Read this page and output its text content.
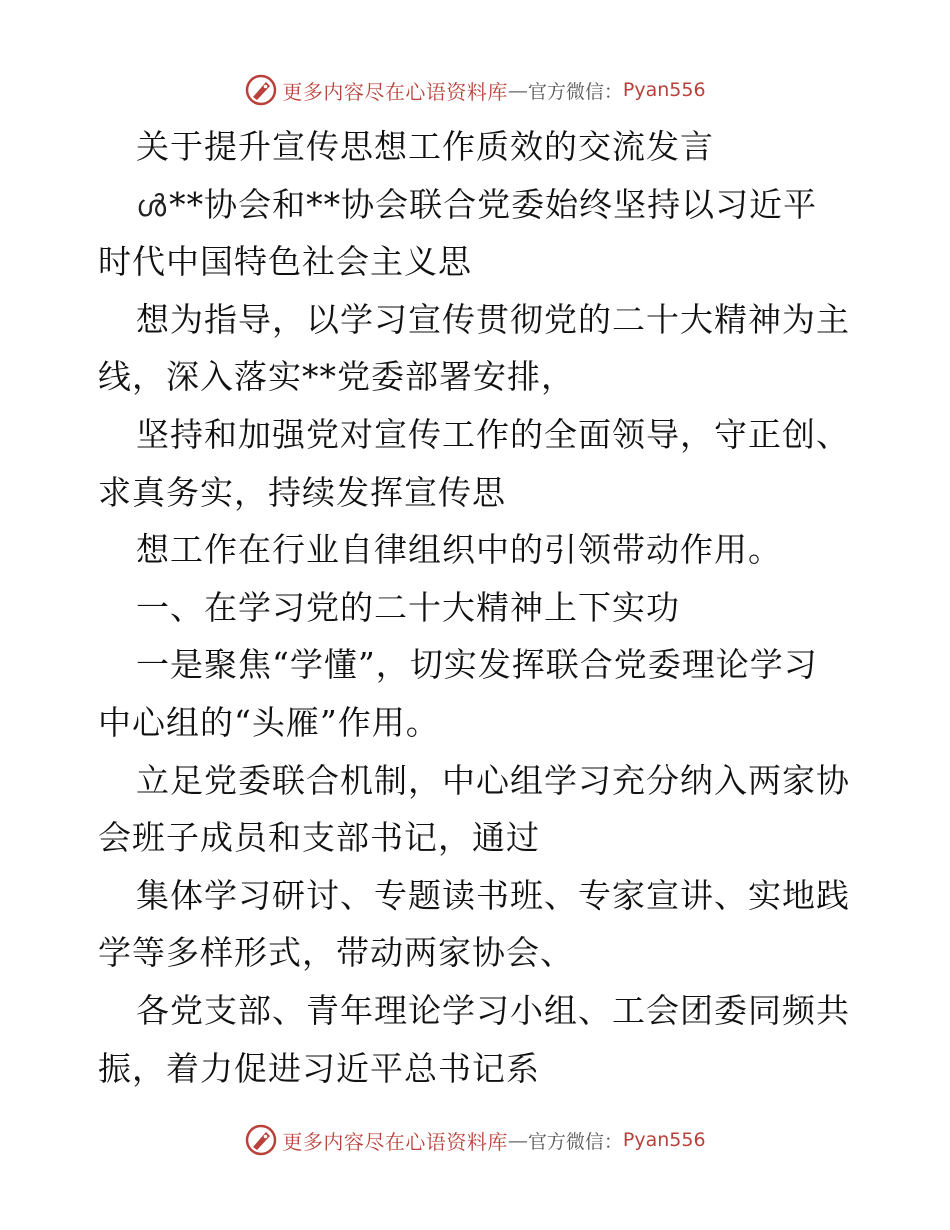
更多内容尽在心语资料库 — 官方微信： Pyan556
关于提升宣传思想工作质效的交流发言
ൾ**协会和**协会联合党委始终坚持以习近平
时代中国特色社会主义思
想为指导，以学习宣传贯彻党的二十大精神为主
线，深入落实**党委部署安排，
坚持和加强党对宣传工作的全面领导，守正创、
求真务实，持续发挥宣传思
想工作在行业自律组织中的引领带动作用。
一、在学习党的二十大精神上下实功
一是聚焦“学懂”，切实发挥联合党委理论学习
中心组的“头雁”作用。
立足党委联合机制，中心组学习充分纳入两家协
会班子成员和支部书记，通过
集体学习研讨、专题读书班、专家宣讲、实地践
学等多样形式，带动两家协会、
各党支部、青年理论学习小组、工会团委同频共
振，着力促进习近平总书记系
更多内容尽在心语资料库 — 官方微信： Pyan556
